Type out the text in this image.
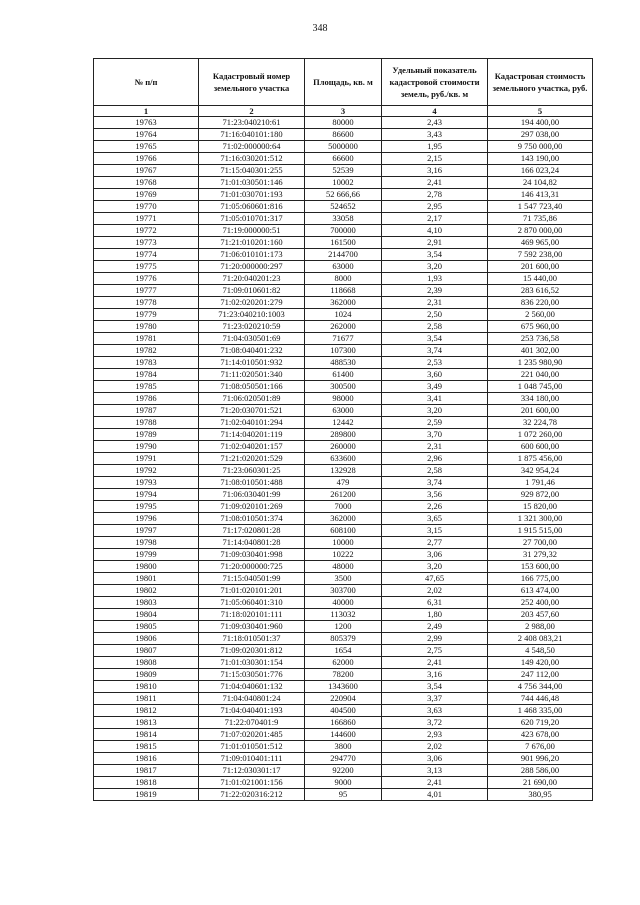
348
№ п/п	Кадастровый номер земельного участка	Площадь, кв. м	Удельный показатель кадастровой стоимости земель, руб./кв. м	Кадастровая стоимость земельного участка, руб.
1	2	3	4	5
19763	71:23:040210:61	80000	2,43	194 400,00
19764	71:16:040101:180	86600	3,43	297 038,00
19765	71:02:000000:64	5000000	1,95	9 750 000,00
19766	71:16:030201:512	66600	2,15	143 190,00
19767	71:15:040301:255	52539	3,16	166 023,24
19768	71:01:030501:146	10002	2,41	24 104,82
19769	71:01:030701:193	52 666,66	2,78	146 413,31
19770	71:05:060601:816	524652	2,95	1 547 723,40
19771	71:05:010701:317	33058	2,17	71 735,86
19772	71:19:000000:51	700000	4,10	2 870 000,00
19773	71:21:010201:160	161500	2,91	469 965,00
19774	71:06:010101:173	2144700	3,54	7 592 238,00
19775	71:20:000000:297	63000	3,20	201 600,00
19776	71:20:040201:23	8000	1,93	15 440,00
19777	71:09:010601:82	118668	2,39	283 616,52
19778	71:02:020201:279	362000	2,31	836 220,00
19779	71:23:040210:1003	1024	2,50	2 560,00
19780	71:23:020210:59	262000	2,58	675 960,00
19781	71:04:030501:69	71677	3,54	253 736,58
19782	71:08:040401:232	107300	3,74	401 302,00
19783	71:14:010501:932	488530	2,53	1 235 980,90
19784	71:11:020501:340	61400	3,60	221 040,00
19785	71:08:050501:166	300500	3,49	1 048 745,00
19786	71:06:020501:89	98000	3,41	334 180,00
19787	71:20:030701:521	63000	3,20	201 600,00
19788	71:02:040101:294	12442	2,59	32 224,78
19789	71:14:040201:119	289800	3,70	1 072 260,00
19790	71:02:040201:157	260000	2,31	600 600,00
19791	71:21:020201:529	633600	2,96	1 875 456,00
19792	71:23:060301:25	132928	2,58	342 954,24
19793	71:08:010501:488	479	3,74	1 791,46
19794	71:06:030401:99	261200	3,56	929 872,00
19795	71:09:020101:269	7000	2,26	15 820,00
19796	71:08:010501:374	362000	3,65	1 321 300,00
19797	71:17:020801:28	608100	3,15	1 915 515,00
19798	71:14:040801:28	10000	2,77	27 700,00
19799	71:09:030401:998	10222	3,06	31 279,32
19800	71:20:000000:725	48000	3,20	153 600,00
19801	71:15:040501:99	3500	47,65	166 775,00
19802	71:01:020101:201	303700	2,02	613 474,00
19803	71:05:060401:310	40000	6,31	252 400,00
19804	71:18:020101:111	113032	1,80	203 457,60
19805	71:09:030401:960	1200	2,49	2 988,00
19806	71:18:010501:37	805379	2,99	2 408 083,21
19807	71:09:020301:812	1654	2,75	4 548,50
19808	71:01:030301:154	62000	2,41	149 420,00
19809	71:15:030501:776	78200	3,16	247 112,00
19810	71:04:040601:132	1343600	3,54	4 756 344,00
19811	71:04:040801:24	220904	3,37	744 446,48
19812	71:04:040401:193	404500	3,63	1 468 335,00
19813	71:22:070401:9	166860	3,72	620 719,20
19814	71:07:020201:485	144600	2,93	423 678,00
19815	71:01:010501:512	3800	2,02	7 676,00
19816	71:09:010401:111	294770	3,06	901 996,20
19817	71:12:030301:17	92200	3,13	288 586,00
19818	71:01:021001:156	9000	2,41	21 690,00
19819	71:22:020316:212	95	4,01	380,95
